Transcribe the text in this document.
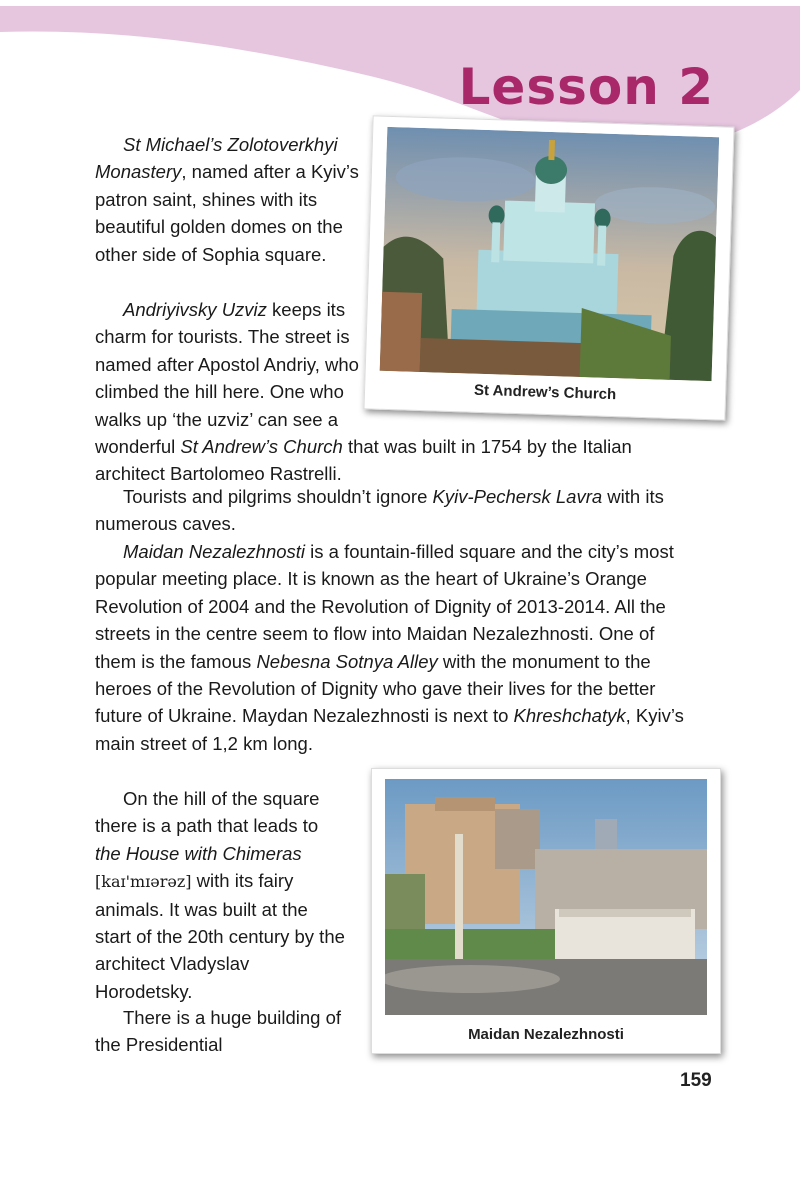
Lesson 2

St Michael’s Zolotoverkhyi Monastery, named after a Kyiv’s patron saint, shines with its beautiful golden domes on the other side of Sophia square.

Andriyivsky Uzviz keeps its charm for tourists. The street is named after Apostol Andriy, who climbed the hill here. One who walks up ‘the uzviz’ can see a wonderful St Andrew’s Church that was built in 1754 by the Italian architect Bartolomeo Rastrelli.

Tourists and pilgrims shouldn’t ignore Kyiv-Pechersk Lavra with its numerous caves.

Maidan Nezalezhnosti is a fountain-filled square and the city’s most popular meeting place. It is known as the heart of Ukraine’s Orange Revolution of 2004 and the Revolution of Dignity of 2013-2014. All the streets in the centre seem to flow into Maidan Nezalezhnosti. One of them is the famous Nebesna Sotnya Alley with the monument to the heroes of the Revolution of Dignity who gave their lives for the better future of Ukraine. Maydan Nezalezhnosti is next to Khreshchatyk, Kyiv’s main street of 1,2 km long.

On the hill of the square there is a path that leads to the House with Chimeras [kaɪ'mɪərəz] with its fairy animals. It was built at the start of the 20th century by the architect Vladyslav Horodetsky.

There is a huge building of the Presidential

St Andrew’s Church
Maidan Nezalezhnosti
159
